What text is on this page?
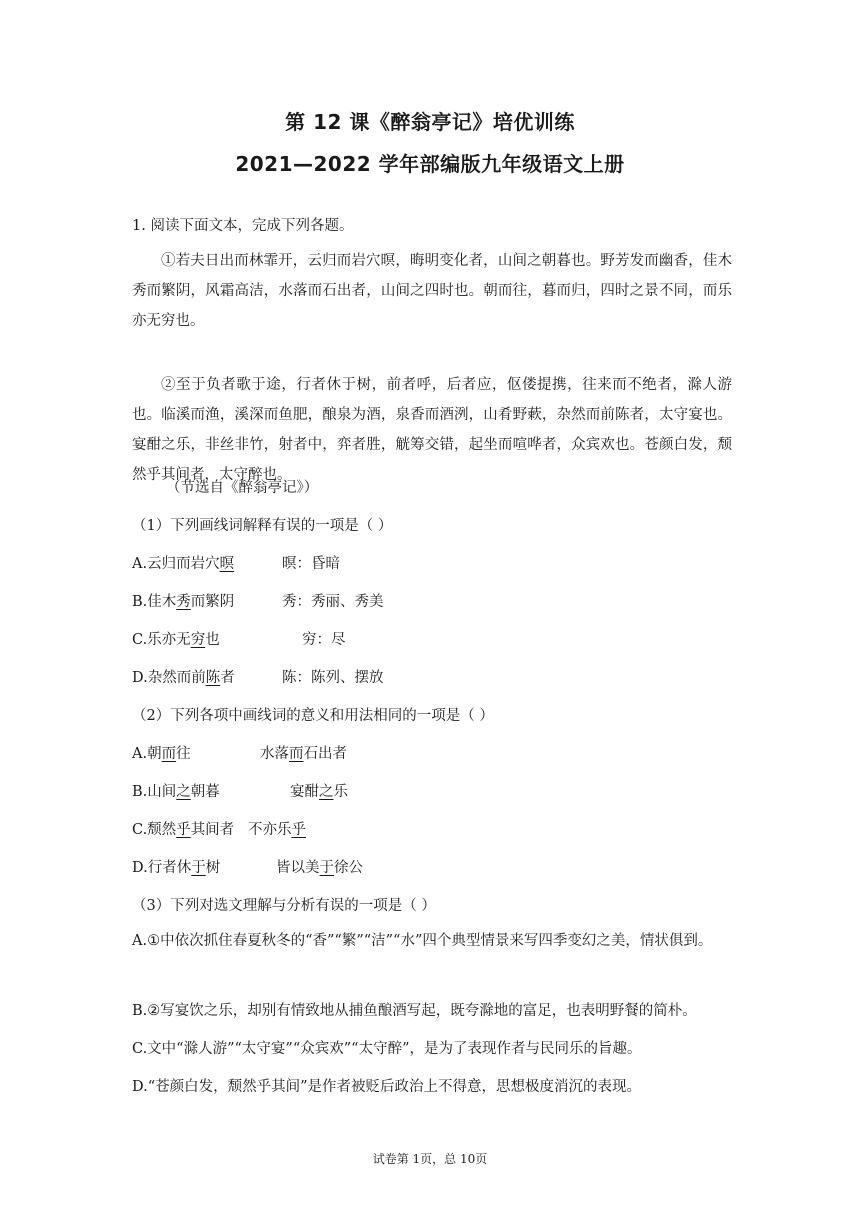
第 12 课《醉翁亭记》培优训练
2021—2022 学年部编版九年级语文上册
1. 阅读下面文本，完成下列各题。
①若夫日出而林霏开，云归而岩穴暝，晦明变化者，山间之朝暮也。野芳发而幽香，佳木秀而繁阴，风霜高洁，水落而石出者，山间之四时也。朝而往，暮而归，四时之景不同，而乐亦无穷也。
②至于负者歌于途，行者休于树，前者呼，后者应，伛偻提携，往来而不绝者，滁人游也。临溪而渔，溪深而鱼肥，酿泉为酒，泉香而酒洌，山肴野蔌，杂然而前陈者，太守宴也。宴酣之乐，非丝非竹，射者中，弈者胜，觥筹交错，起坐而喧哗者，众宾欢也。苍颜白发，颓然乎其间者，太守醉也。
（节选自《醉翁亭记》）
（1）下列画线词解释有误的一项是（ ）
A.云归而岩穴暝	暝：昏暗
B.佳木秀而繁阴	秀：秀丽、秀美
C.乐亦无穷也	穷：尽
D.杂然而前陈者	陈：陈列、摆放
（2）下列各项中画线词的意义和用法相同的一项是（ ）
A.朝而往	水落而石出者
B.山间之朝暮	宴酣之乐
C.颓然乎其间者 不亦乐乎
D.行者休于树	皆以美于徐公
（3）下列对选文理解与分析有误的一项是（ ）
A.①中依次抓住春夏秋冬的“香”“繁”“洁”“水”四个典型情景来写四季变幻之美，情状俱到。
B.②写宴饮之乐，却别有情致地从捕鱼酿酒写起，既夸滁地的富足，也表明野餐的简朴。
C.文中“滁人游”“太守宴”“众宾欢”“太守醉”，是为了表现作者与民同乐的旨趣。
D.“苍颜白发，颓然乎其间”是作者被贬后政治上不得意，思想极度消沉的表现。
试卷第 1页，总 10页
